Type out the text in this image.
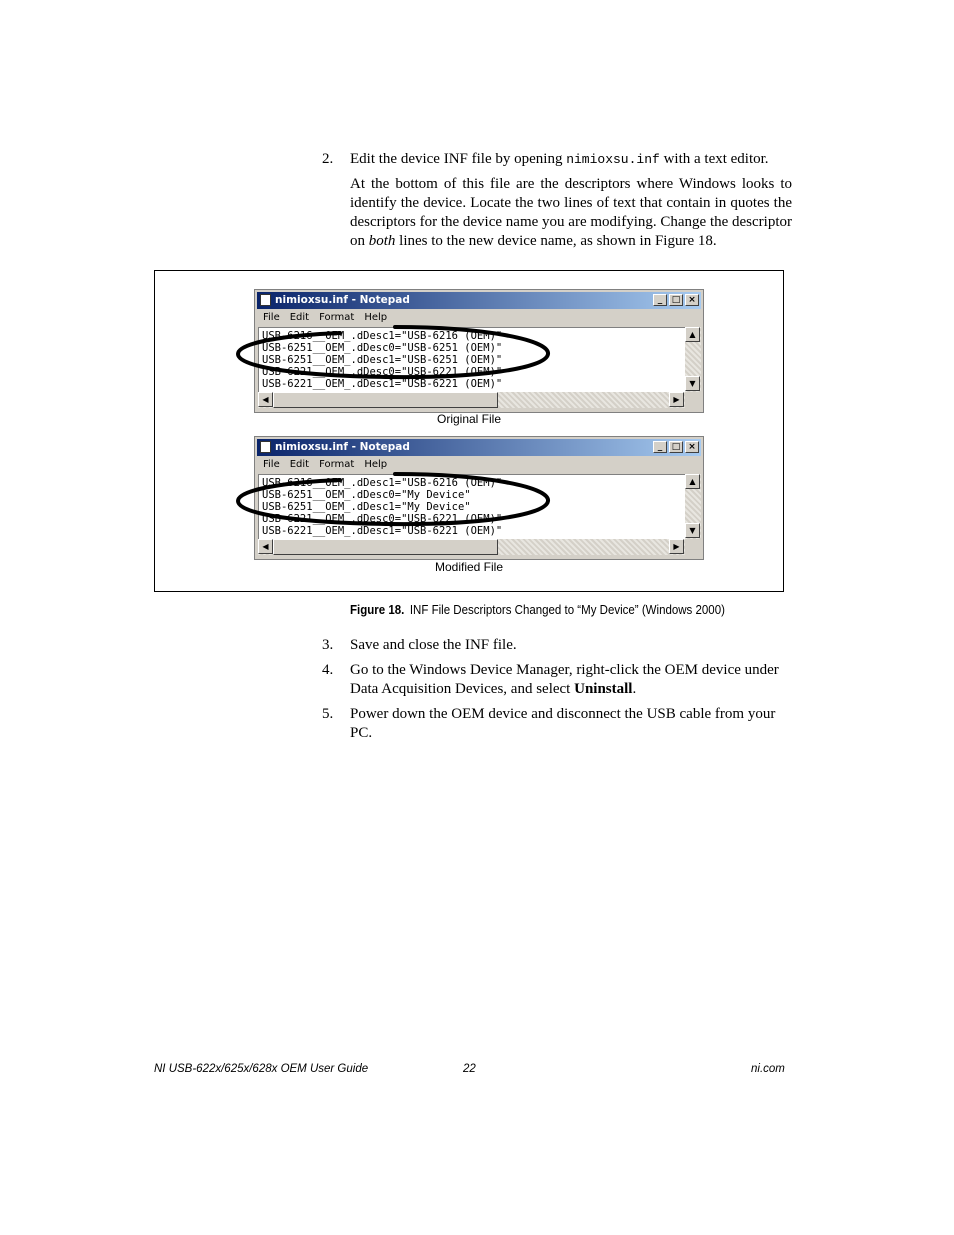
2. Edit the device INF file by opening nimioxsu.inf with a text editor.

At the bottom of this file are the descriptors where Windows looks to identify the device. Locate the two lines of text that contain in quotes the descriptors for the device name you are modifying. Change the descriptor on both lines to the new device name, as shown in Figure 18.

nimioxsu.inf - Notepad	_	□ ×
File Edit Format Help
USB-6216__OEM_.dDesc1="USB-6216 (OEM)"
USB-6251__OEM_.dDesc0="USB-6251 (OEM)"
USB-6251__OEM_.dDesc1="USB-6251 (OEM)"
USB-6221__OEM_.dDesc0="USB-6221 (OEM)"
USB-6221__OEM_.dDesc1="USB-6221 (OEM)"
▲
▼
◀	▶
Original File
nimioxsu.inf - Notepad	_	□ ×
File Edit Format Help
USB-6216__OEM_.dDesc1="USB-6216 (OEM)"
USB-6251__OEM_.dDesc0="My Device"
USB-6251__OEM_.dDesc1="My Device"
USB-6221__OEM_.dDesc0="USB-6221 (OEM)"
USB-6221__OEM_.dDesc1="USB-6221 (OEM)"
▲
▼
◀	▶
Modified File
Figure 18. INF File Descriptors Changed to “My Device” (Windows 2000)
3. Save and close the INF file.

4. Go to the Windows Device Manager, right-click the OEM device under Data Acquisition Devices, and select Uninstall.

5. Power down the OEM device and disconnect the USB cable from your PC.

NI USB-622x/625x/628x OEM User Guide	22	ni.com
